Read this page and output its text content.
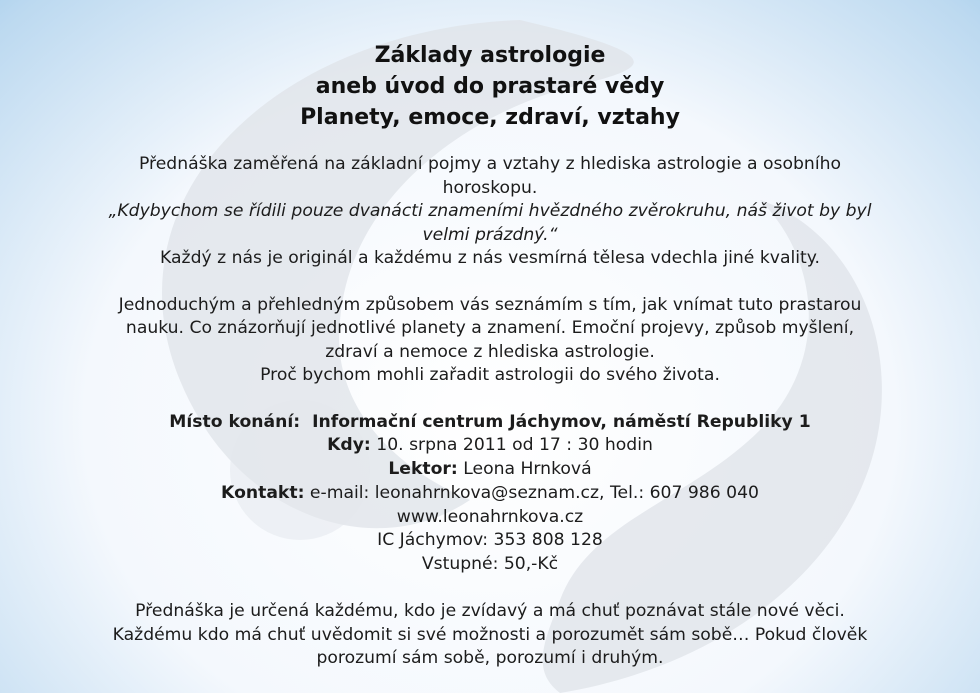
Základy astrologie
aneb úvod do prastaré vědy
Planety, emoce, zdraví, vztahy
Přednáška zaměřená na základní pojmy a vztahy z hlediska astrologie a osobního
horoskopu.
„Kdybychom se řídili pouze dvanácti znameními hvězdného zvěrokruhu, náš život by byl
velmi prázdný.“
Každý z nás je originál a každému z nás vesmírná tělesa vdechla jiné kvality.
Jednoduchým a přehledným způsobem vás seznámím s tím, jak vnímat tuto prastarou
nauku. Co znázorňují jednotlivé planety a znamení. Emoční projevy, způsob myšlení,
zdraví a nemoce z hlediska astrologie.
Proč bychom mohli zařadit astrologii do svého života.
Místo konání: Informační centrum Jáchymov, náměstí Republiky 1
Kdy: 10. srpna 2011 od 17 : 30 hodin
Lektor: Leona Hrnková
Kontakt: e-mail: leonahrnkova@seznam.cz, Tel.: 607 986 040
www.leonahrnkova.cz
IC Jáchymov: 353 808 128
Vstupné: 50,-Kč
Přednáška je určená každému, kdo je zvídavý a má chuť poznávat stále nové věci.
Každému kdo má chuť uvědomit si své možnosti a porozumět sám sobě… Pokud člověk
porozumí sám sobě, porozumí i druhým.
